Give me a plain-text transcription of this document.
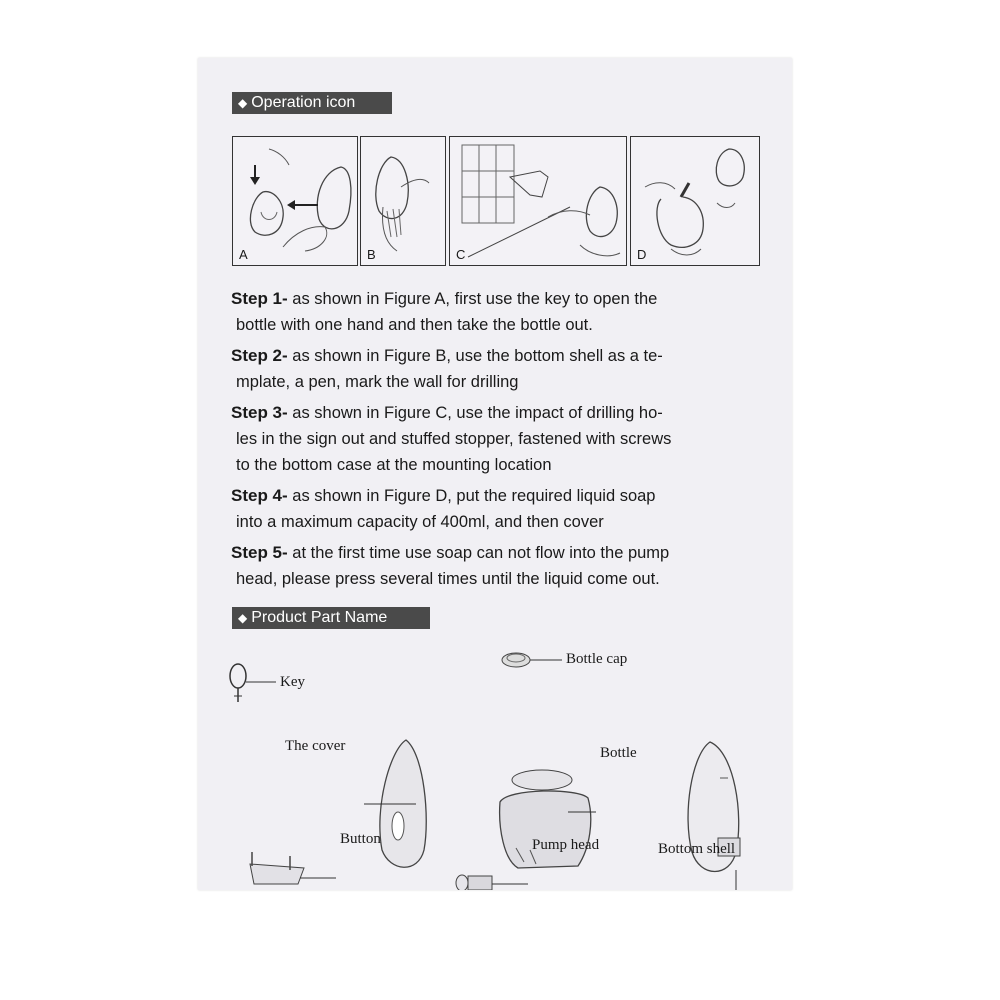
◆ Operation icon
A	B	C	D
Step 1- as shown in Figure A, first use the key to open the
bottle with one hand and then take the bottle out.
Step 2- as shown in Figure B, use the bottom shell as a te-
mplate, a pen, mark the wall for drilling
Step 3- as shown in Figure C, use the impact of drilling ho-
les in the sign out and stuffed stopper, fastened with screws
to the bottom case at the mounting location
Step 4- as shown in Figure D, put the required liquid soap
into a maximum capacity of 400ml, and then cover
Step 5- at the first time use soap can not flow into the pump
head, please press several times until the liquid come out.
◆ Product Part Name
Key
Bottle cap
The cover	Bottle
Button	Pump head	Bottom shell
